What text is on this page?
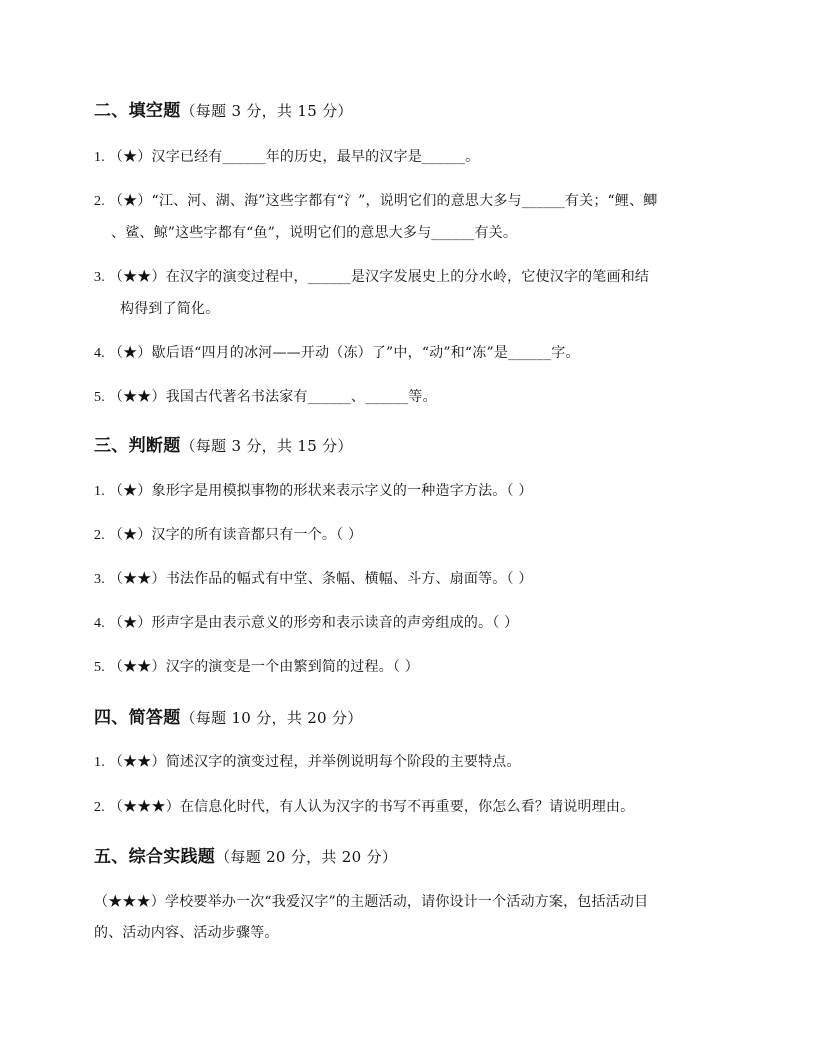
二、填空题（每题 3 分，共 15 分）
1. （★）汉字已经有______年的历史，最早的汉字是______。
2. （★）“江、河、湖、海”这些字都有“氵”，说明它们的意思大多与______有关；“鲤、鲫
、鲨、鲸”这些字都有“鱼”，说明它们的意思大多与______有关。
3. （★★）在汉字的演变过程中，______是汉字发展史上的分水岭，它使汉字的笔画和结
构得到了简化。
4. （★）歇后语“四月的冰河——开动（冻）了”中，“动”和“冻”是______字。
5. （★★）我国古代著名书法家有______、______等。
三、判断题（每题 3 分，共 15 分）
1. （★）象形字是用模拟事物的形状来表示字义的一种造字方法。（ ）
2. （★）汉字的所有读音都只有一个。（ ）
3. （★★）书法作品的幅式有中堂、条幅、横幅、斗方、扇面等。（ ）
4. （★）形声字是由表示意义的形旁和表示读音的声旁组成的。（ ）
5. （★★）汉字的演变是一个由繁到简的过程。（ ）
四、简答题（每题 10 分，共 20 分）
1. （★★）简述汉字的演变过程，并举例说明每个阶段的主要特点。
2. （★★★）在信息化时代，有人认为汉字的书写不再重要，你怎么看？请说明理由。
五、综合实践题（每题 20 分，共 20 分）
（★★★）学校要举办一次“我爱汉字”的主题活动，请你设计一个活动方案，包括活动目
的、活动内容、活动步骤等。
